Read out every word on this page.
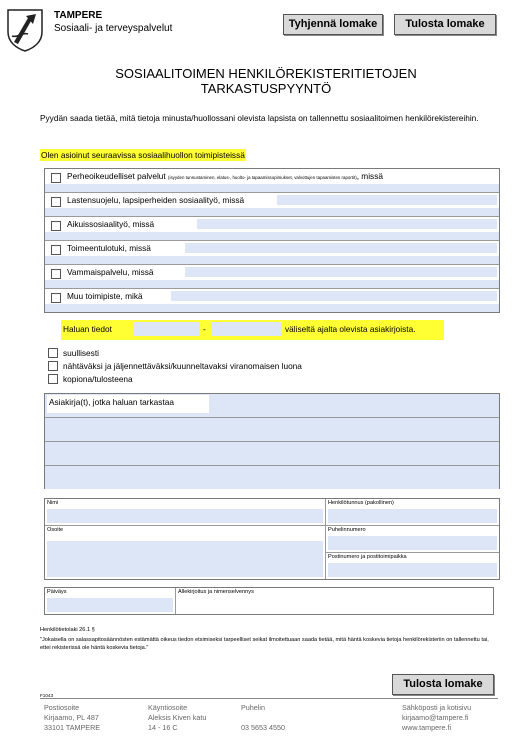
TAMPERE
Sosiaali- ja terveyspalvelut	Tyhjennä lomake	Tulosta lomake
SOSIAALITOIMEN HENKILÖREKISTERITIETOJEN
TARKASTUSPYYNTÖ
Pyydän saada tietää, mitä tietoja minusta/huollossani olevista lapsista on tallennettu sosiaalitoimen henkilörekistereihin.
Olen asioinut seuraavissa sosiaalihuollon toimipisteissä
Perheoikeudelliset palvelut (isyyden tunnustaminen, elatus-, huolto- ja tapaamissopimukset, valvottujen tapaamisten raportit), missä
Lastensuojelu, lapsiperheiden sosiaalityö, missä
Aikuissosiaalityö, missä
Toimeentulotuki, missä
Vammaispalvelu, missä
Muu toimipiste, mikä
Haluan tiedot	-	väliseltä ajalta olevista asiakirjoista.
suullisesti
nähtäväksi ja jäljennettäväksi/kuunneltavaksi viranomaisen luona
kopiona/tulosteena
Asiakirja(t), jotka haluan tarkastaa
Nimi	Henkilötunnus (pakollinen)
Osoite	Puhelinnumero
Postinumero ja postitoimipaikka
Päiväys	Allekirjoitus ja nimenselvennys
Henkilötietolaki 26.1 §
"Jokaisella on salassapitosäännösten estämättä oikeus tiedon etsimiseksi tarpeelliset seikat ilmoitettuaan saada tietää, mitä häntä koskevia tietoja henkilörekisteriin on tallennettu tai, ettei rekisterissä ole häntä koskevia tietoja."
Tulosta lomake
F1043
Postiosoite
Kirjaamo, PL 487
33101 TAMPERE
Käyntiosoite
Aleksis Kiven katu
14 - 16 C
Puhelin

03 5653 4550
Sähköposti ja kotisivu
kirjaamo@tampere.fi
www.tampere.fi
